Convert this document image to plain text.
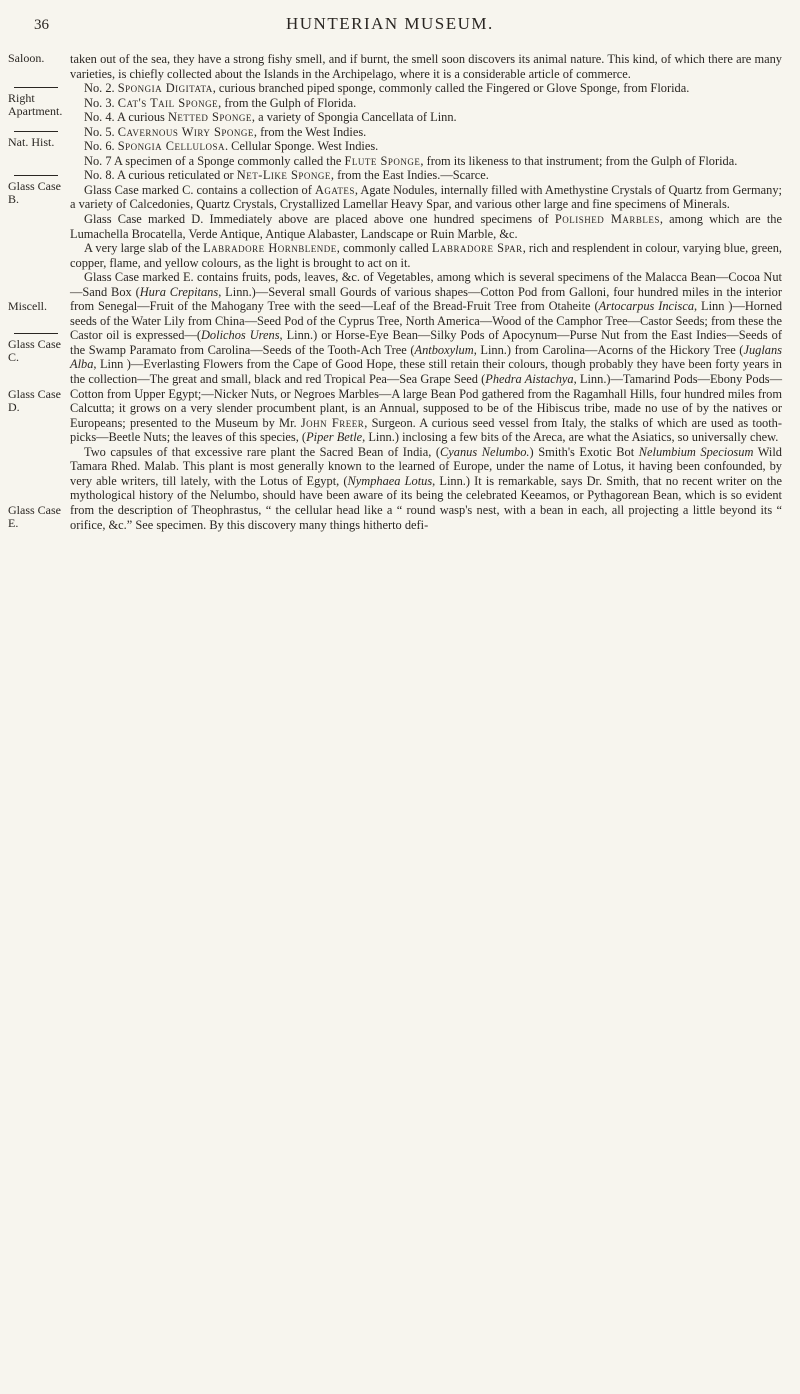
36	HUNTERIAN MUSEUM.
Saloon.
Right Apartment.
Nat. Hist.
Glass Case B.
Miscell.
Glass Case C.
Glass Case D.
Glass Case E.

taken out of the sea, they have a strong fishy smell, and if burnt, the smell soon discovers its animal nature. This kind, of which there are many varieties, is chiefly collected about the Islands in the Archipelago, where it is a considerable article of commerce.

No. 2. Spongia Digitata, curious branched piped sponge, commonly called the Fingered or Glove Sponge, from Florida.

No. 3. Cat's Tail Sponge, from the Gulph of Florida.

No. 4. A curious Netted Sponge, a variety of Spongia Cancellata of Linn.

No. 5. Cavernous Wiry Sponge, from the West Indies.

No. 6. Spongia Cellulosa. Cellular Sponge. West Indies.

No. 7 A specimen of a Sponge commonly called the Flute Sponge, from its likeness to that instrument; from the Gulph of Florida.

No. 8. A curious reticulated or Net-Like Sponge, from the East Indies.—Scarce.

Glass Case marked C. contains a collection of Agates, Agate Nodules, internally filled with Amethystine Crystals of Quartz from Germany; a variety of Calcedonies, Quartz Crystals, Crystallized Lamellar Heavy Spar, and various other large and fine specimens of Minerals.

Glass Case marked D. Immediately above are placed above one hundred specimens of Polished Marbles, among which are the Lumachella Brocatella, Verde Antique, Antique Alabaster, Landscape or Ruin Marble, &c.

A very large slab of the Labradore Hornblende, commonly called Labradore Spar, rich and resplendent in colour, varying blue, green, copper, flame, and yellow colours, as the light is brought to act on it.

Glass Case marked E. contains fruits, pods, leaves, &c. of Vegetables, among which is several specimens of the Malacca Bean—Cocoa Nut—Sand Box (Hura Crepitans, Linn.)—Several small Gourds of various shapes—Cotton Pod from Galloni, four hundred miles in the interior from Senegal—Fruit of the Mahogany Tree with the seed—Leaf of the Bread-Fruit Tree from Otaheite (Artocarpus Incisca, Linn )—Horned seeds of the Water Lily from China—Seed Pod of the Cyprus Tree, North America—Wood of the Camphor Tree—Castor Seeds; from these the Castor oil is expressed—(Dolichos Urens, Linn.) or Horse-Eye Bean—Silky Pods of Apocynum—Purse Nut from the East Indies—Seeds of the Swamp Paramato from Carolina—Seeds of the Tooth-Ach Tree (Antboxylum, Linn.) from Carolina—Acorns of the Hickory Tree (Juglans Alba, Linn )—Everlasting Flowers from the Cape of Good Hope, these still retain their colours, though probably they have been forty years in the collection—The great and small, black and red Tropical Pea—Sea Grape Seed (Phedra Aistachya, Linn.)—Tamarind Pods—Ebony Pods—Cotton from Upper Egypt;—Nicker Nuts, or Negroes Marbles—A large Bean Pod gathered from the Ragamhall Hills, four hundred miles from Calcutta; it grows on a very slender procumbent plant, is an Annual, supposed to be of the Hibiscus tribe, made no use of by the natives or Europeans; presented to the Museum by Mr. John Freer, Surgeon. A curious seed vessel from Italy, the stalks of which are used as tooth-picks—Beetle Nuts; the leaves of this species, (Piper Betle, Linn.) inclosing a few bits of the Areca, are what the Asiatics, so universally chew.

Two capsules of that excessive rare plant the Sacred Bean of India, (Cyanus Nelumbo.) Smith's Exotic Bot Nelumbium Speciosum Wild Tamara Rhed. Malab. This plant is most generally known to the learned of Europe, under the name of Lotus, it having been confounded, by very able writers, till lately, with the Lotus of Egypt, (Nymphaea Lotus, Linn.) It is remarkable, says Dr. Smith, that no recent writer on the mythological history of the Nelumbo, should have been aware of its being the celebrated Keeamos, or Pythagorean Bean, which is so evident from the description of Theophrastus, “ the cellular head like a “ round wasp's nest, with a bean in each, all projecting a little beyond its “ orifice, &c.” See specimen. By this discovery many things hitherto defi-
